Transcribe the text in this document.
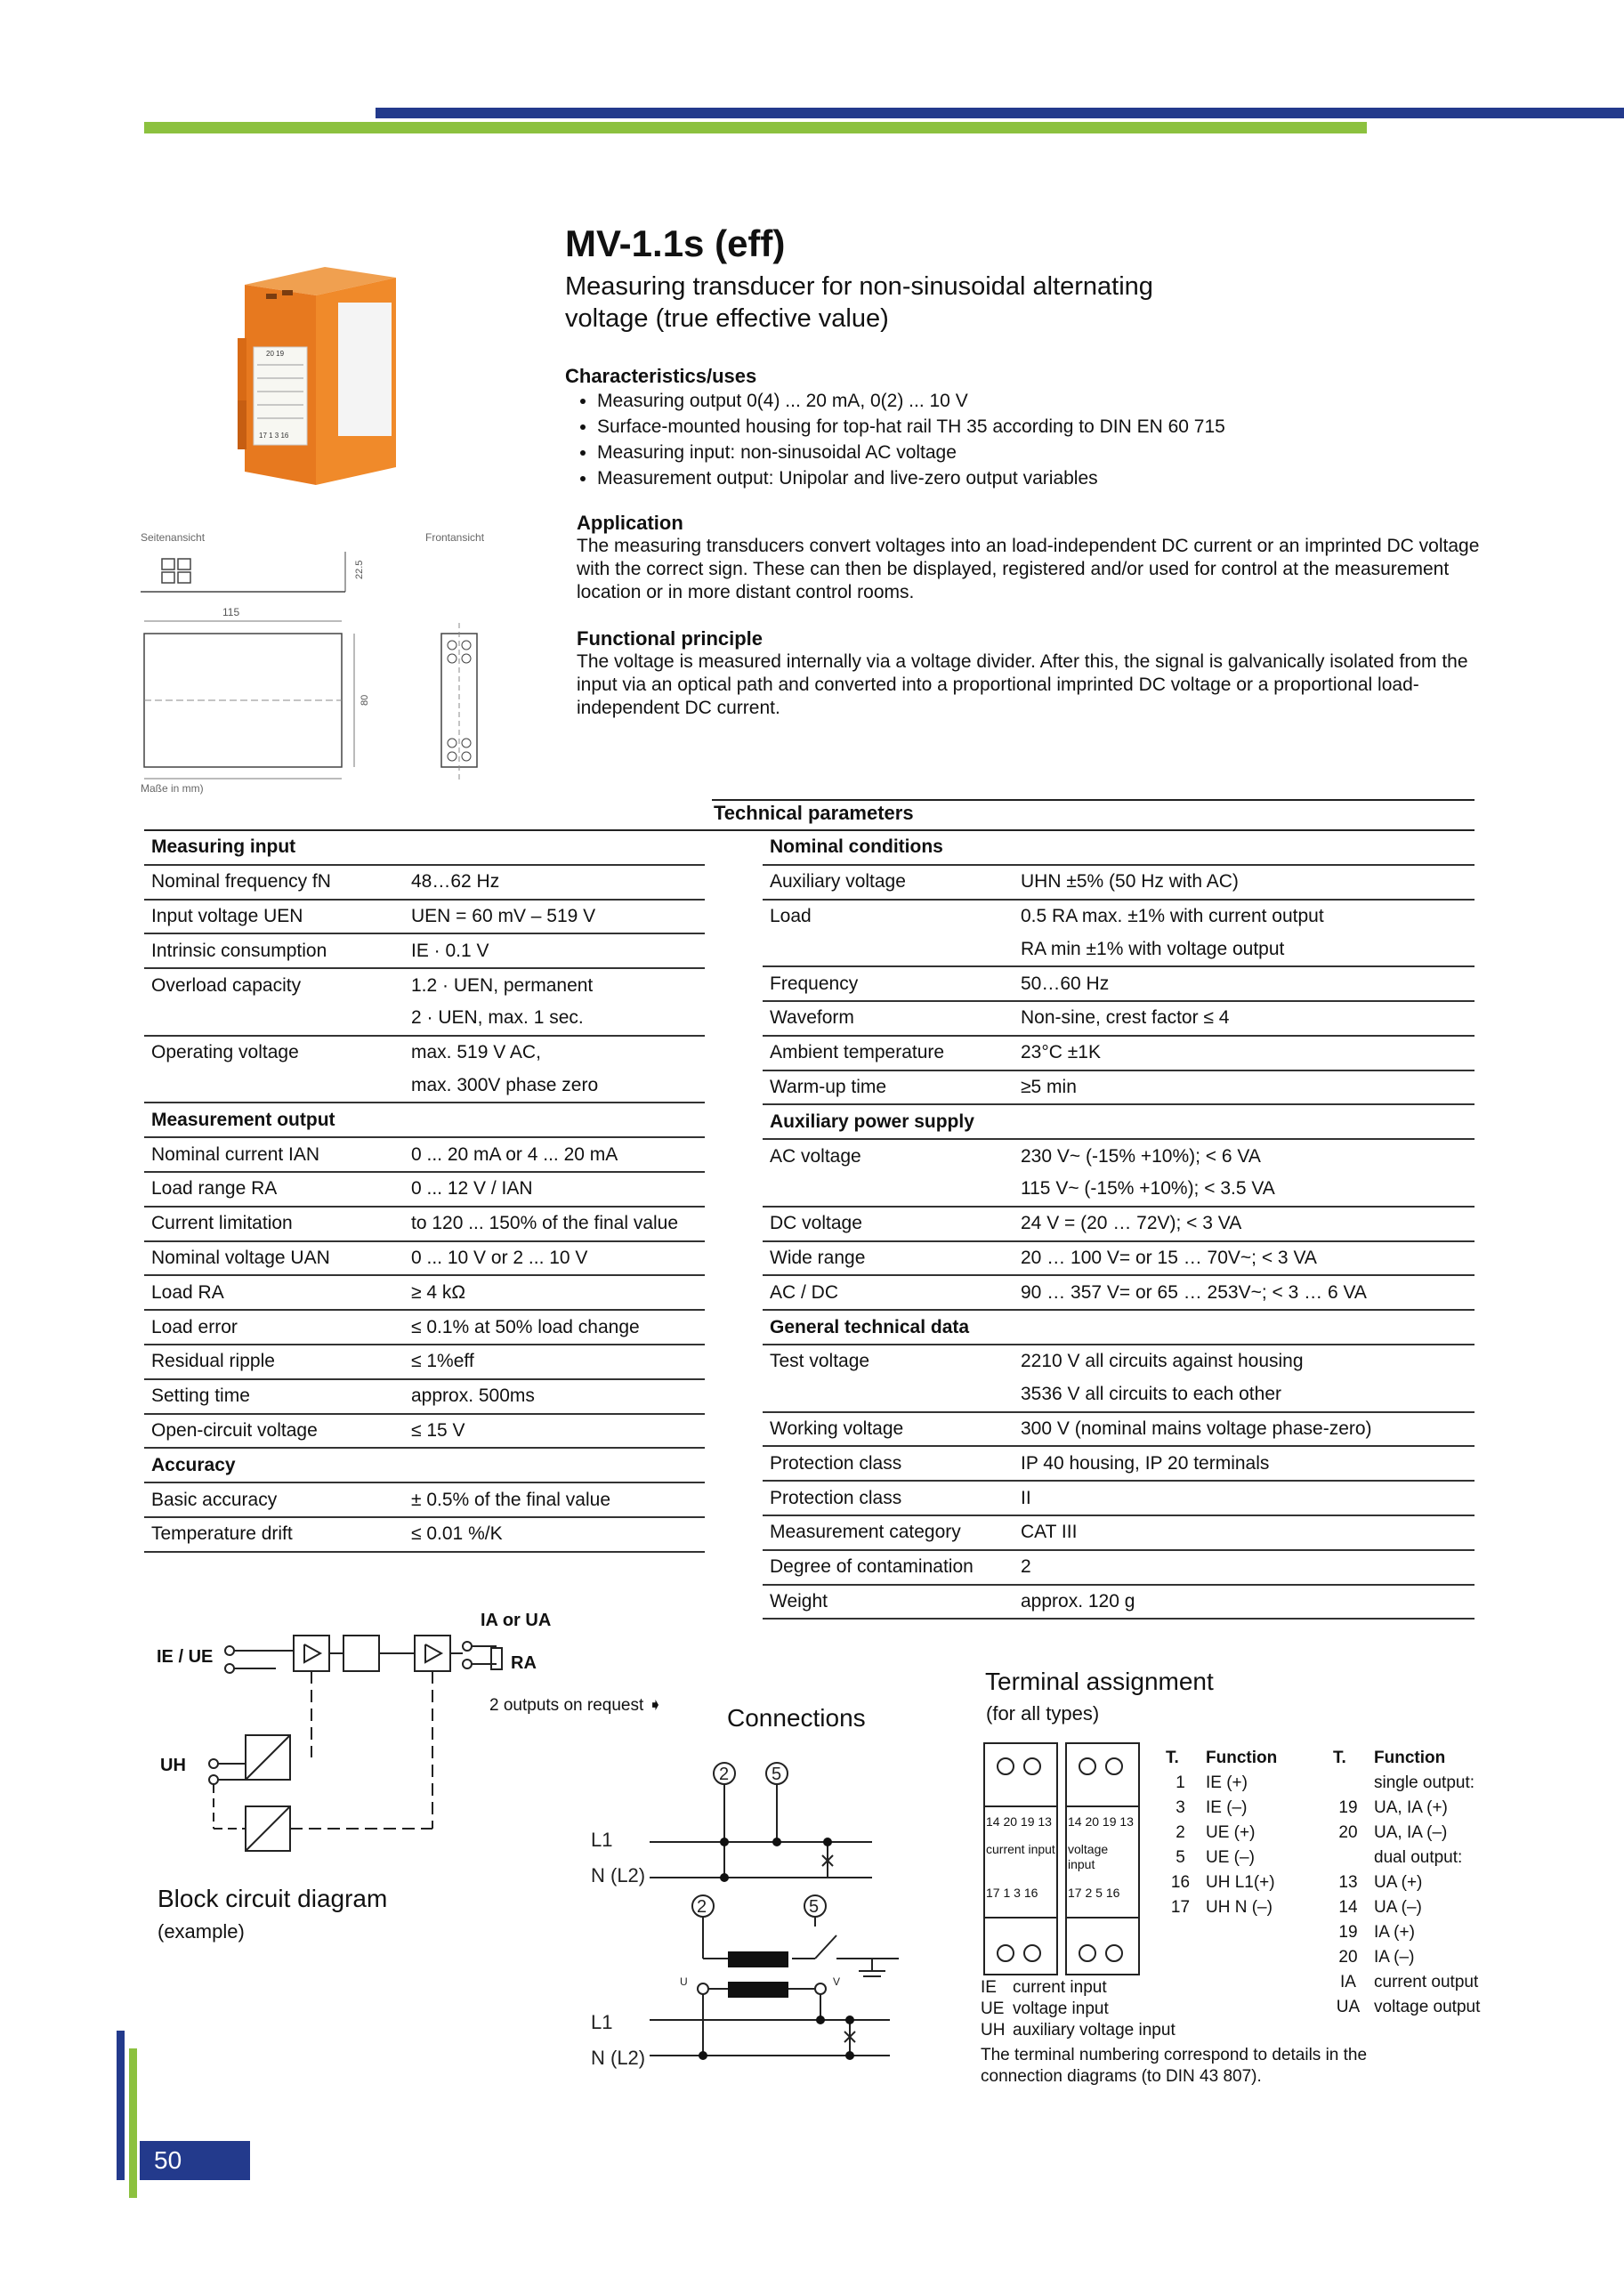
20 19
17 1 3 16
MV-1.1s (eff)
Measuring transducer for non-sinusoidal alternating voltage (true effective value)
Characteristics/uses
• Measuring output 0(4) ... 20 mA, 0(2) ... 10 V
• Surface-mounted housing for top-hat rail TH 35 according to DIN EN 60 715
• Measuring input: non-sinusoidal AC voltage
• Measurement output: Unipolar and live-zero output variables
Application
The measuring transducers convert voltages into an load-independent DC current or an imprinted DC voltage with the correct sign. These can then be displayed, registered and/or used for control at the measurement location or in more distant control rooms.
Functional principle
The voltage is measured internally via a voltage divider. After this, the signal is galvanically isolated from the input via an optical path and converted into a proportional imprinted DC voltage or a proportional load-independent DC current.
Seitenansicht	Frontansicht
22.5
115
80
Maße in mm)
Technical parameters
Measuring input	
Nominal frequency fN	48…62 Hz
Input voltage UEN	UEN = 60 mV – 519 V
Intrinsic consumption	IE · 0.1 V
Overload capacity	1.2 · UEN, permanent
	2 · UEN, max. 1 sec.
Operating voltage	max. 519 V AC,
	max. 300V phase zero
Measurement output	
Nominal current IAN	0 ... 20 mA or 4 ... 20 mA
Load range RA	0 ... 12 V / IAN
Current limitation	to 120 ... 150% of the final value
Nominal voltage UAN	0 ... 10 V or 2 ... 10 V
Load RA	≥ 4 kΩ
Load error	≤ 0.1% at 50% load change
Residual ripple	≤ 1%eff
Setting time	approx. 500ms
Open-circuit voltage	≤ 15 V
Accuracy	
Basic accuracy	± 0.5% of the final value
Temperature drift	≤ 0.01 %/K
Nominal conditions	
Auxiliary voltage	UHN ±5% (50 Hz with AC)
Load	0.5 RA max. ±1% with current output
	RA min ±1% with voltage output
Frequency	50…60 Hz
Waveform	Non-sine, crest factor ≤ 4
Ambient temperature	23°C ±1K
Warm-up time	≥5 min
Auxiliary power supply	
AC voltage	230 V~ (-15% +10%); < 6 VA
	115 V~ (-15% +10%); < 3.5 VA
DC voltage	24 V = (20 … 72V); < 3 VA
Wide range	20 … 100 V= or 15 … 70V~; < 3 VA
AC / DC	90 … 357 V= or 65 … 253V~; < 3 … 6 VA
General technical data	
Test voltage	2210 V all circuits against housing
	3536 V all circuits to each other
Working voltage	300 V (nominal mains voltage phase-zero)
Protection class	IP 40 housing, IP 20 terminals
Protection class	II
Measurement category	CAT III
Degree of contamination	2
Weight	approx. 120 g
IE / UE
UH
IA or UA
RA
2 outputs on request ➧
Block circuit diagram
(example)
Connections
L1
N (L2)
L1
N (L2)
2 5
2	5
U	V
Terminal assignment
(for all types)
14 20 19 13 14 20 19 13
current input voltage input
17 1 3 16 17 2 5 16
T. Function
1 IE (+)
3 IE (–)
2 UE (+)
5 UE (–)
16 UH L1(+)
17 UH N (–)
T. Function
single output:
19 UA, IA (+)
20 UA, IA (–)
dual output:
13 UA (+)
14 UA (–)
19 IA (+)
20 IA (–)
IA current output
UA voltage output
IE current input
UE voltage input
UH auxiliary voltage input
The terminal numbering correspond to details in the connection diagrams (to DIN 43 807).
50
